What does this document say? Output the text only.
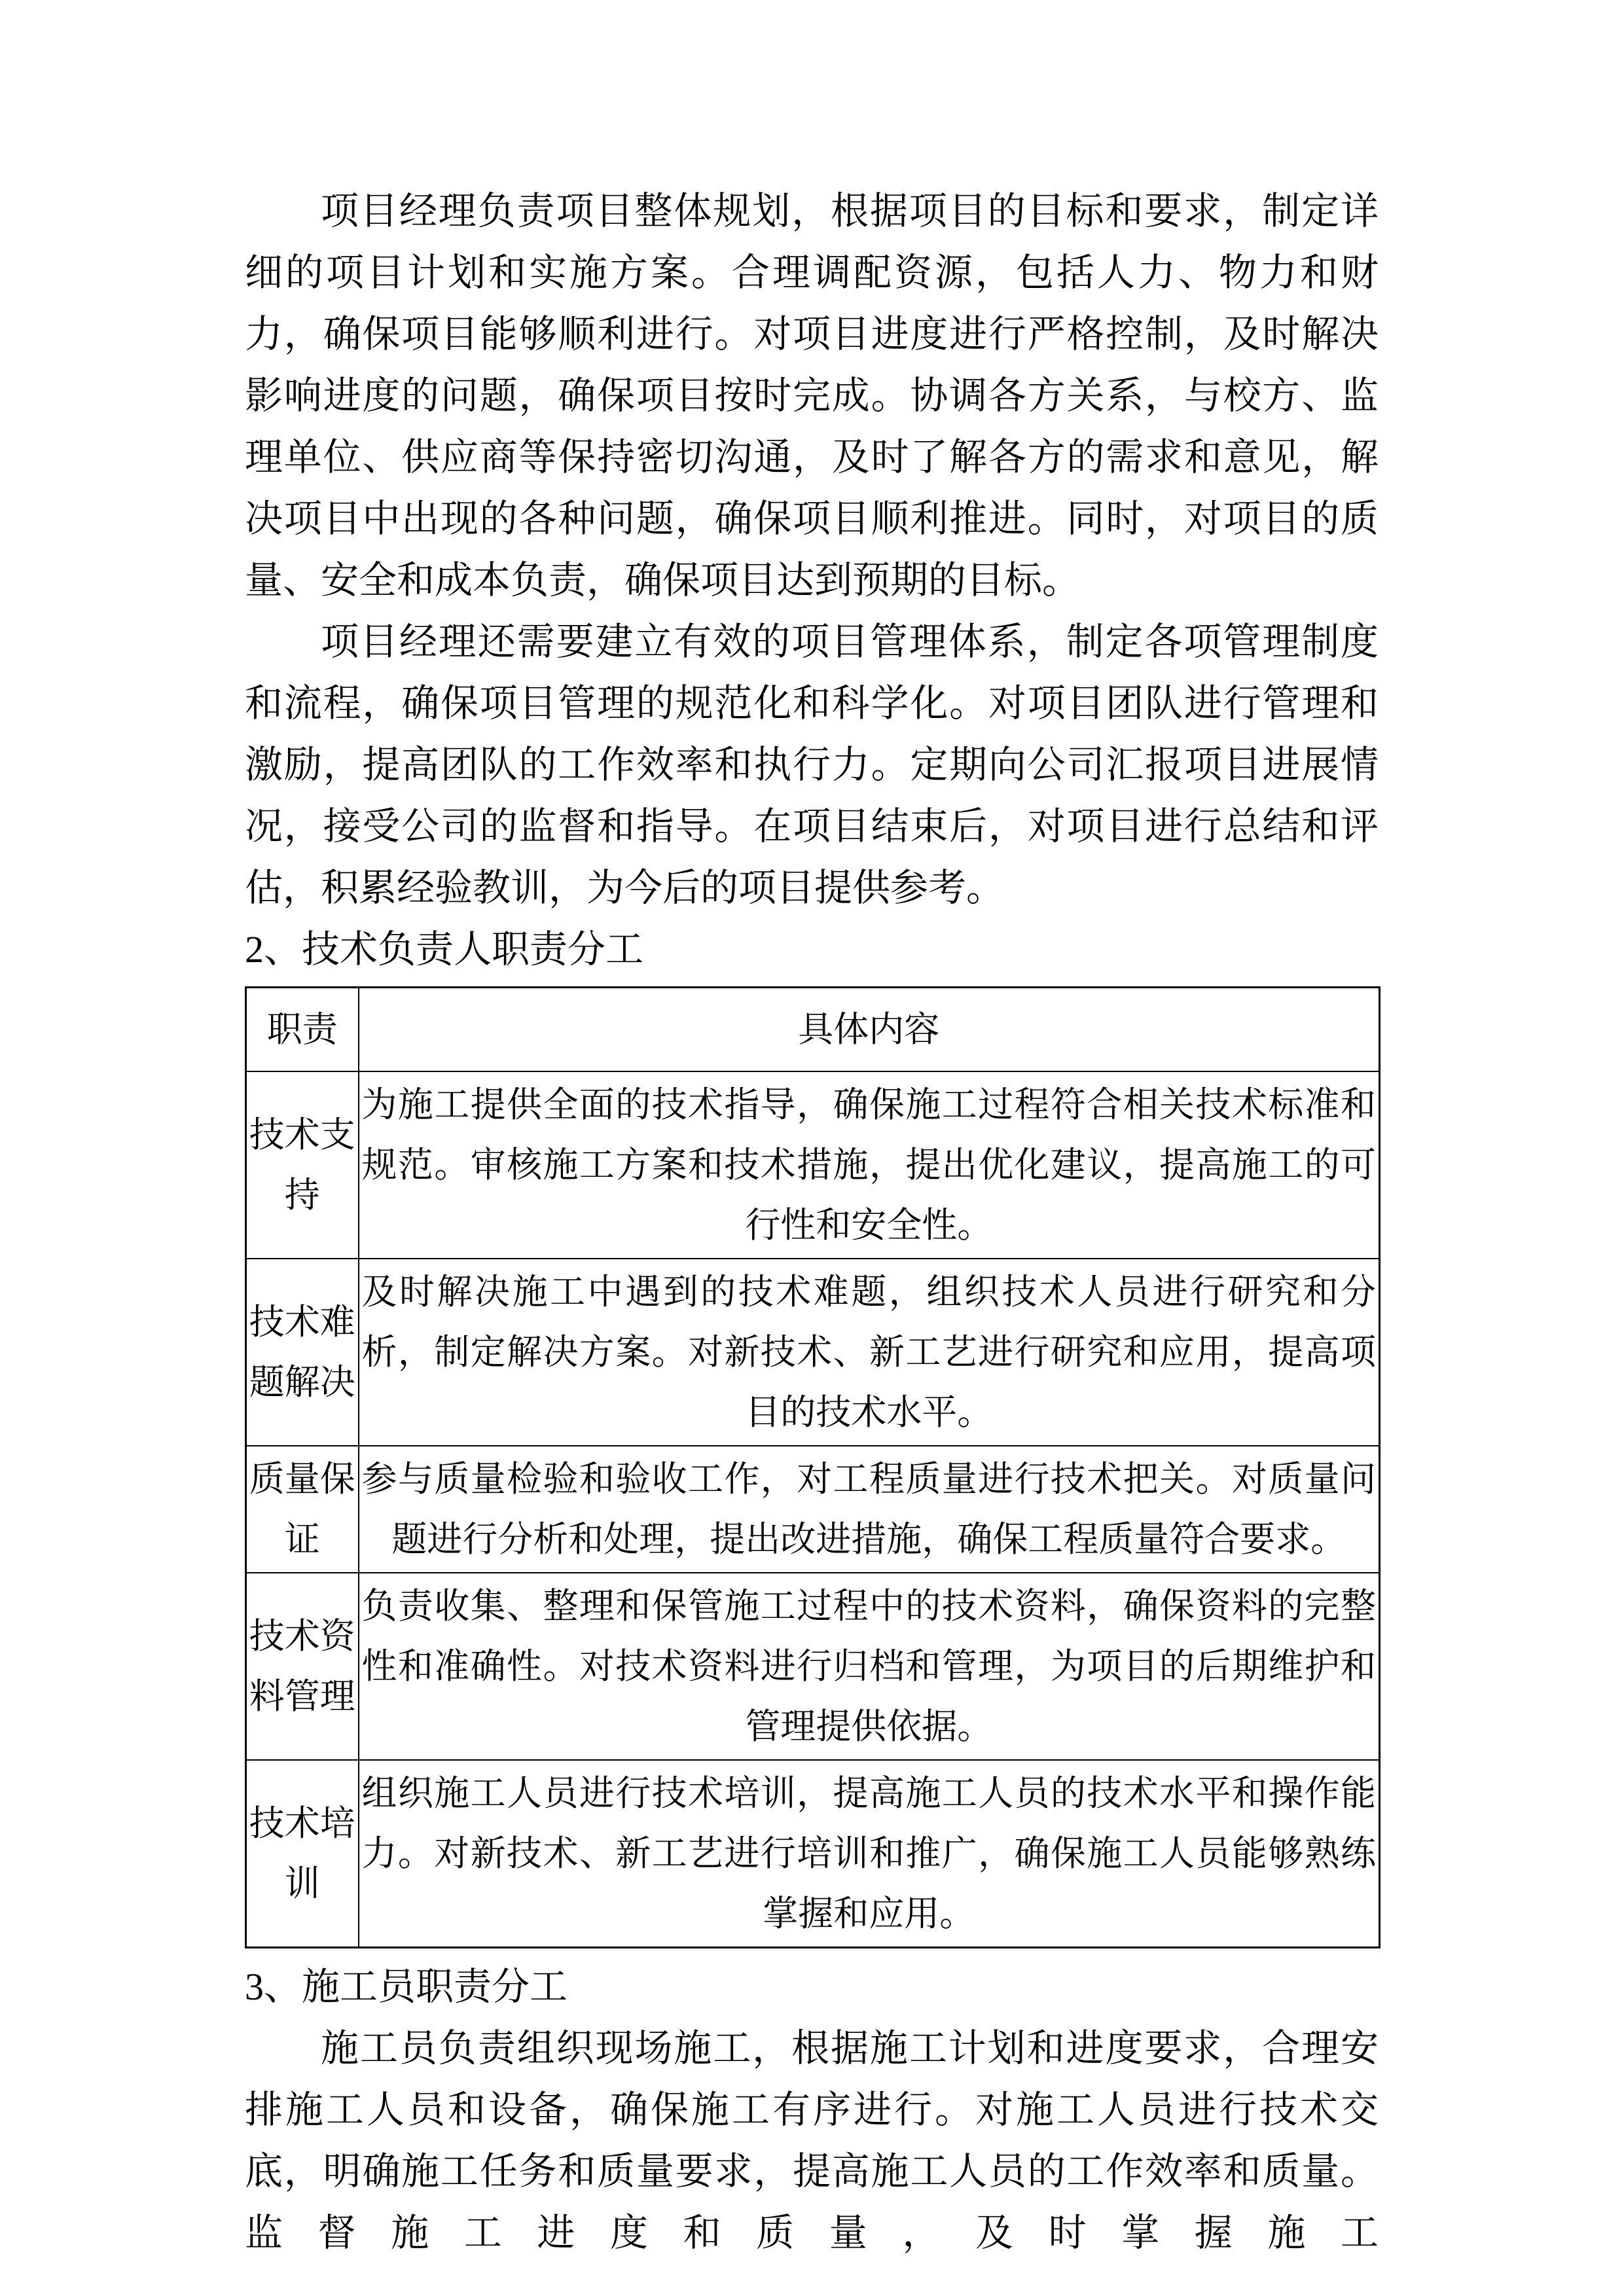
项目经理负责项目整体规划，根据项目的目标和要求，制定详细的项目计划和实施方案。合理调配资源，包括人力、物力和财力，确保项目能够顺利进行。对项目进度进行严格控制，及时解决影响进度的问题，确保项目按时完成。协调各方关系，与校方、监理单位、供应商等保持密切沟通，及时了解各方的需求和意见，解决项目中出现的各种问题，确保项目顺利推进。同时，对项目的质量、安全和成本负责，确保项目达到预期的目标。

项目经理还需要建立有效的项目管理体系，制定各项管理制度和流程，确保项目管理的规范化和科学化。对项目团队进行管理和激励，提高团队的工作效率和执行力。定期向公司汇报项目进展情况，接受公司的监督和指导。在项目结束后，对项目进行总结和评估，积累经验教训，为今后的项目提供参考。

2、技术负责人职责分工

职责	具体内容
技术支持	为施工提供全面的技术指导，确保施工过程符合相关技术标准和规范。审核施工方案和技术措施，提出优化建议，提高施工的可行性和安全性。
技术难题解决	及时解决施工中遇到的技术难题，组织技术人员进行研究和分析，制定解决方案。对新技术、新工艺进行研究和应用，提高项目的技术水平。
质量保证	参与质量检验和验收工作，对工程质量进行技术把关。对质量问题进行分析和处理，提出改进措施，确保工程质量符合要求。
技术资料管理	负责收集、整理和保管施工过程中的技术资料，确保资料的完整性和准确性。对技术资料进行归档和管理，为项目的后期维护和管理提供依据。
技术培训	组织施工人员进行技术培训，提高施工人员的技术水平和操作能力。对新技术、新工艺进行培训和推广，确保施工人员能够熟练掌握和应用。

3、施工员职责分工

施工员负责组织现场施工，根据施工计划和进度要求，合理安排施工人员和设备，确保施工有序进行。对施工人员进行技术交底，明确施工任务和质量要求，提高施工人员的工作效率和质量。监督施工进度和质量，及时掌握施工
